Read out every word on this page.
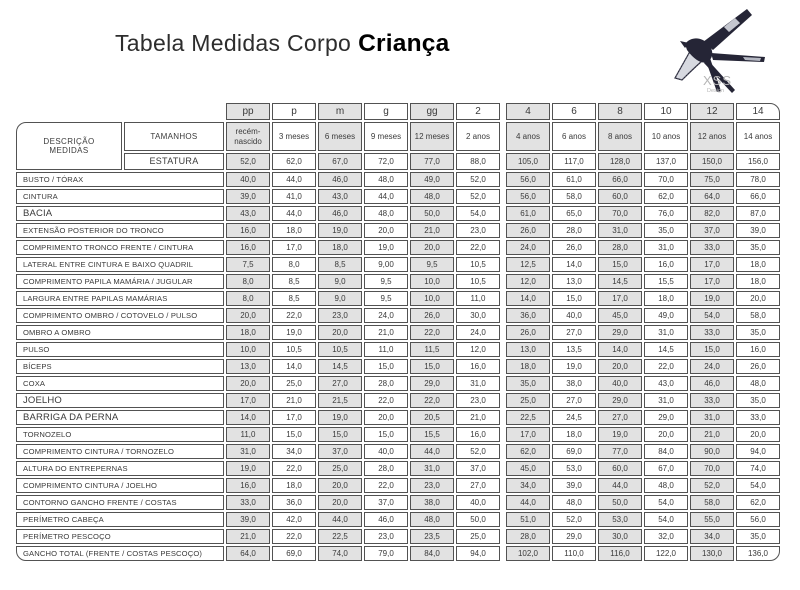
Tabela Medidas Corpo Criança
XSS
Design
		pp	p	m	g	gg	2		4	6	8	10	12	14

DESCRIÇÃO
MEDIDAS	TAMANHOS	recém-nascido	3 meses	6 meses	9 meses	12 meses	2 anos		4 anos	6 anos	8 anos	10 anos	12 anos	14 anos
	ESTATURA	52,0	62,0	67,0	72,0	77,0	88,0		105,0	117,0	128,0	137,0	150,0	156,0
BUSTO / TÓRAX		40,0	44,0	46,0	48,0	49,0	52,0		56,0	61,0	66,0	70,0	75,0	78,0
CINTURA		39,0	41,0	43,0	44,0	48,0	52,0		56,0	58,0	60,0	62,0	64,0	66,0
BACIA		43,0	44,0	46,0	48,0	50,0	54,0		61,0	65,0	70,0	76,0	82,0	87,0
EXTENSÃO POSTERIOR DO TRONCO		16,0	18,0	19,0	20,0	21,0	23,0		26,0	28,0	31,0	35,0	37,0	39,0
COMPRIMENTO TRONCO FRENTE / CINTURA		16,0	17,0	18,0	19,0	20,0	22,0		24,0	26,0	28,0	31,0	33,0	35,0
LATERAL ENTRE CINTURA E BAIXO QUADRIL		7,5	8,0	8,5	9,00	9,5	10,5		12,5	14,0	15,0	16,0	17,0	18,0
COMPRIMENTO PAPILA MAMÁRIA / JUGULAR		8,0	8,5	9,0	9,5	10,0	10,5		12,0	13,0	14,5	15,5	17,0	18,0
LARGURA ENTRE PAPILAS MAMÁRIAS		8,0	8,5	9,0	9,5	10,0	11,0		14,0	15,0	17,0	18,0	19,0	20,0
COMPRIMENTO OMBRO / COTOVELO / PULSO		20,0	22,0	23,0	24,0	26,0	30,0		36,0	40,0	45,0	49,0	54,0	58,0
OMBRO A OMBRO		18,0	19,0	20,0	21,0	22,0	24,0		26,0	27,0	29,0	31,0	33,0	35,0
PULSO		10,0	10,5	10,5	11,0	11,5	12,0		13,0	13,5	14,0	14,5	15,0	16,0
BÍCEPS		13,0	14,0	14,5	15,0	15,0	16,0		18,0	19,0	20,0	22,0	24,0	26,0
COXA		20,0	25,0	27,0	28,0	29,0	31,0		35,0	38,0	40,0	43,0	46,0	48,0
JOELHO		17,0	21,0	21,5	22,0	22,0	23,0		25,0	27,0	29,0	31,0	33,0	35,0
BARRIGA DA PERNA		14,0	17,0	19,0	20,0	20,5	21,0		22,5	24,5	27,0	29,0	31,0	33,0
TORNOZELO		11,0	15,0	15,0	15,0	15,5	16,0		17,0	18,0	19,0	20,0	21,0	20,0
COMPRIMENTO CINTURA / TORNOZELO		31,0	34,0	37,0	40,0	44,0	52,0		62,0	69,0	77,0	84,0	90,0	94,0
ALTURA DO ENTREPERNAS		19,0	22,0	25,0	28,0	31,0	37,0		45,0	53,0	60,0	67,0	70,0	74,0
COMPRIMENTO CINTURA / JOELHO		16,0	18,0	20,0	22,0	23,0	27,0		34,0	39,0	44,0	48,0	52,0	54,0
CONTORNO GANCHO FRENTE / COSTAS		33,0	36,0	20,0	37,0	38,0	40,0		44,0	48,0	50,0	54,0	58,0	62,0
PERÍMETRO CABEÇA		39,0	42,0	44,0	46,0	48,0	50,0		51,0	52,0	53,0	54,0	55,0	56,0
PERÍMETRO PESCOÇO		21,0	22,0	22,5	23,0	23,5	25,0		28,0	29,0	30,0	32,0	34,0	35,0
GANCHO TOTAL (FRENTE / COSTAS PESCOÇO)		64,0	69,0	74,0	79,0	84,0	94,0		102,0	110,0	116,0	122,0	130,0	136,0
